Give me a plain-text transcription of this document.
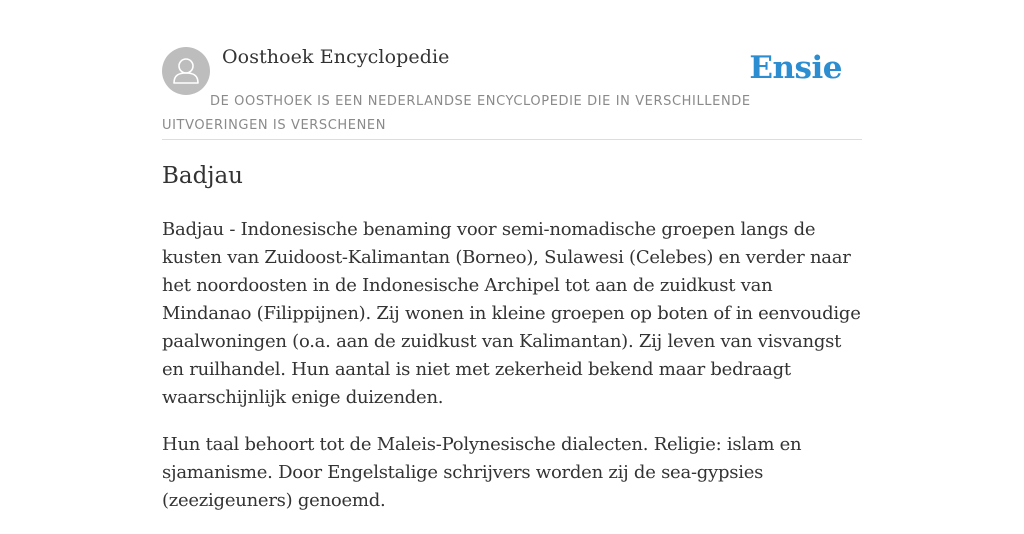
Oosthoek Encyclopedie	Ensie
DE OOSTHOEK IS EEN NEDERLANDSE ENCYCLOPEDIE DIE IN VERSCHILLENDE UITVOERINGEN IS VERSCHENEN
Badjau

Badjau - Indonesische benaming voor semi-nomadische groepen langs de kusten van Zuidoost-Kalimantan (Borneo), Sulawesi (Celebes) en verder naar het noordoosten in de Indonesische Archipel tot aan de zuidkust van Mindanao (Filippijnen). Zij wonen in kleine groepen op boten of in eenvoudige paalwoningen (o.a. aan de zuidkust van Kalimantan). Zij leven van visvangst en ruilhandel. Hun aantal is niet met zekerheid bekend maar bedraagt waarschijnlijk enige duizenden.

Hun taal behoort tot de Maleis-Polynesische dialecten. Religie: islam en sjamanisme. Door Engelstalige schrijvers worden zij de sea-gypsies (zeezigeuners) genoemd.
